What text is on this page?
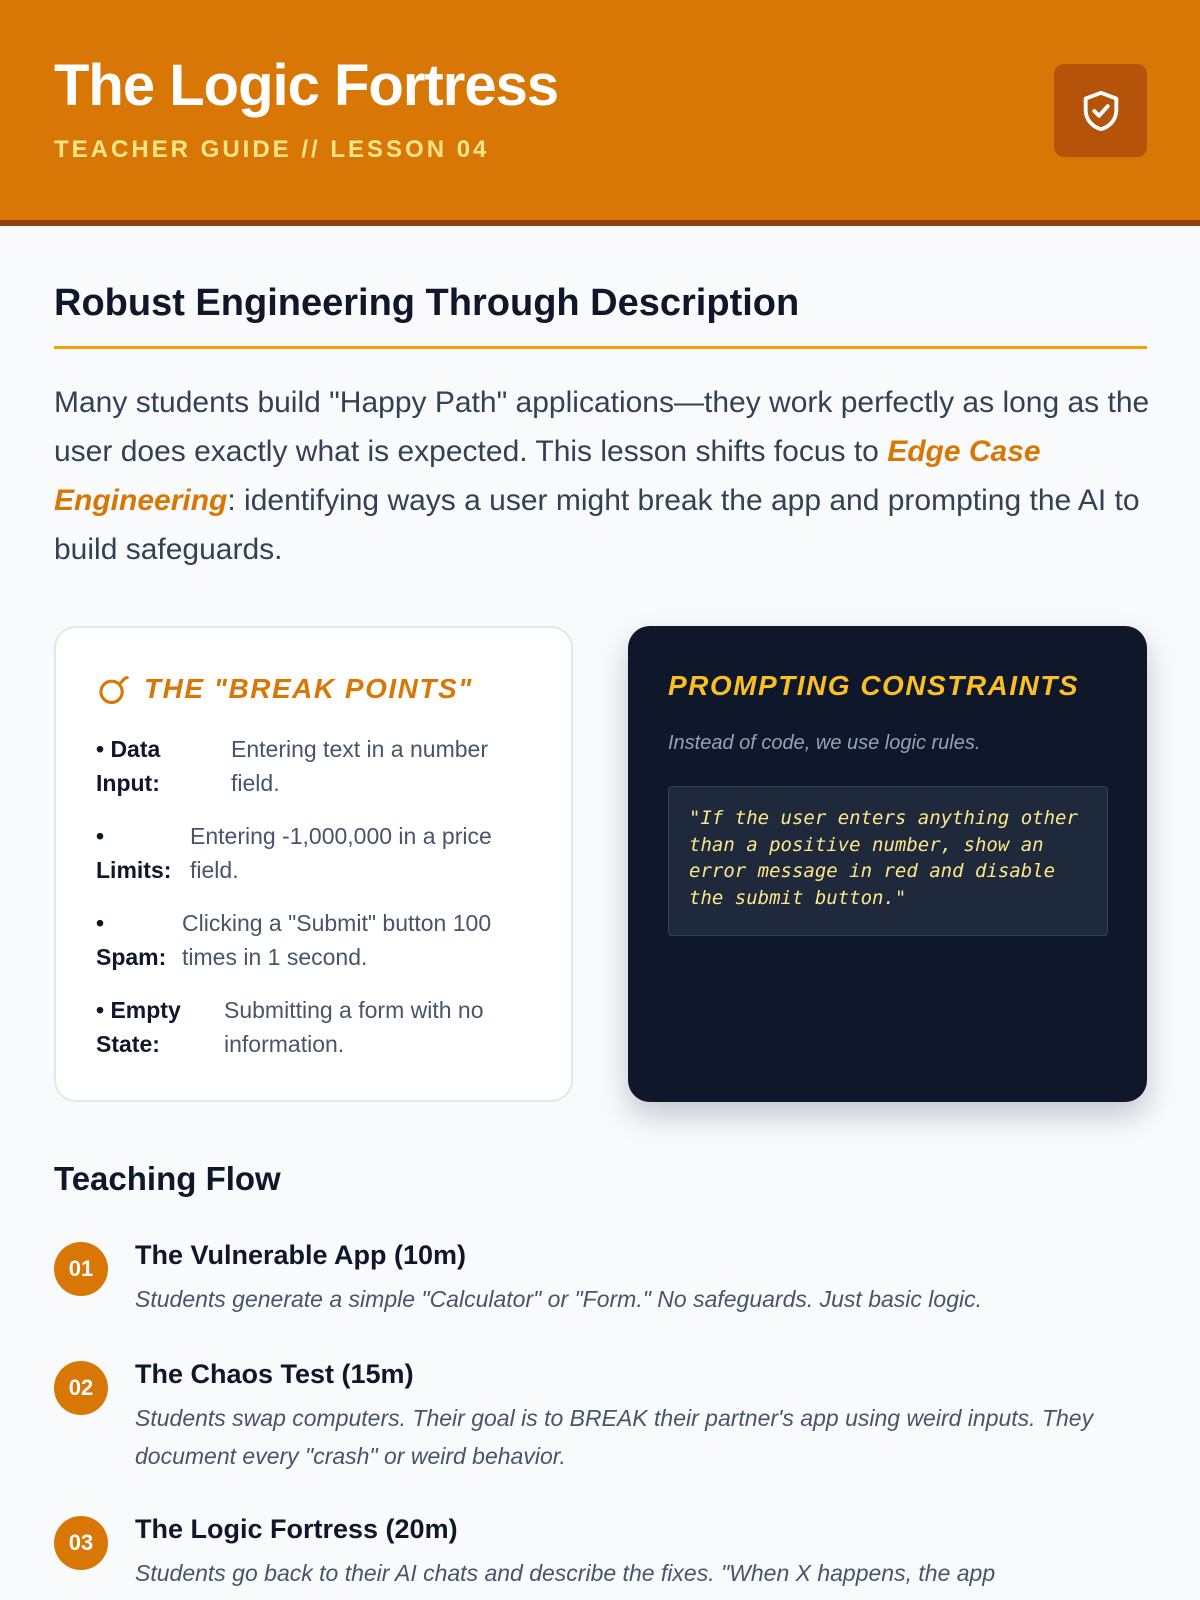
The Logic Fortress
TEACHER GUIDE // LESSON 04
Robust Engineering Through Description

Many students build "Happy Path" applications—they work perfectly as long as the user does exactly what is expected. This lesson shifts focus to Edge Case Engineering: identifying ways a user might break the app and prompting the AI to build safeguards.

THE "BREAK POINTS"
• Data Input:
Entering text in a number field.
• Limits:
Entering -1,000,000 in a price field.
• Spam:
Clicking a "Submit" button 100 times in 1 second.
• Empty State:
Submitting a form with no information.
PROMPTING CONSTRAINTS
Instead of code, we use logic rules.
"If the user enters anything other than a positive number, show an error message in red and disable the submit button."
Teaching Flow
01	The Vulnerable App (10m)
Students generate a simple "Calculator" or "Form." No safeguards. Just basic logic.
02	The Chaos Test (15m)
Students swap computers. Their goal is to BREAK their partner's app using weird inputs. They document every "crash" or weird behavior.
03	The Logic Fortress (20m)
Students go back to their AI chats and describe the fixes. "When X happens, the app
